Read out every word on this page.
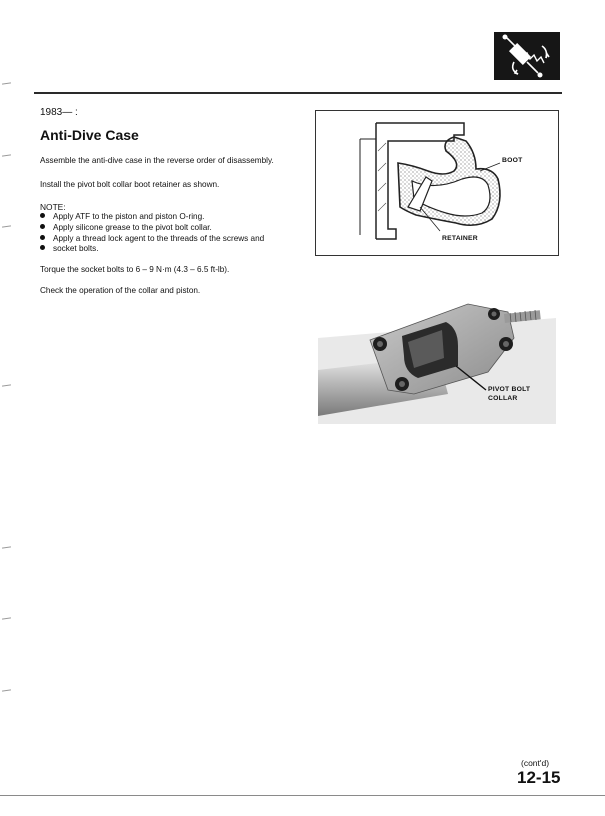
1983— :
Anti-Dive Case
Assemble the anti-dive case in the reverse order of disassembly.
Install the pivot bolt collar boot retainer as shown.
NOTE:
Apply ATF to the piston and piston O-ring.
Apply silicone grease to the pivot bolt collar.
Apply a thread lock agent to the threads of the screws and
socket bolts.
Torque the socket bolts to 6 – 9 N·m (4.3 – 6.5 ft-lb).
Check the operation of the collar and piston.
BOOT
RETAINER
PIVOT BOLT
COLLAR
(cont'd)
12-15
